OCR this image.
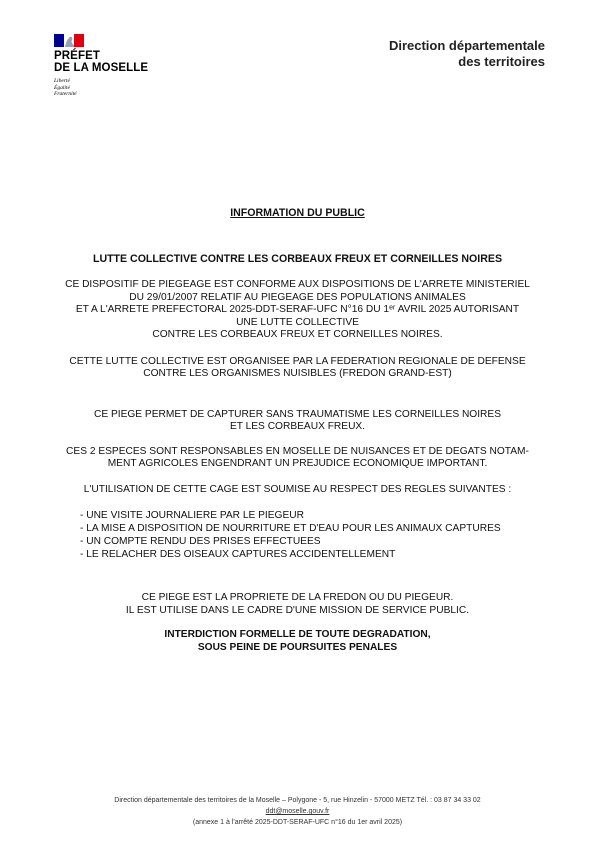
PRÉFET
DE LA MOSELLE
Liberté
Égalité
Fraternité
Direction départementale
des territoires
INFORMATION DU PUBLIC
LUTTE COLLECTIVE CONTRE LES CORBEAUX FREUX ET CORNEILLES NOIRES
CE DISPOSITIF DE PIEGEAGE EST CONFORME AUX DISPOSITIONS DE L'ARRETE MINISTERIEL
DU 29/01/2007 RELATIF AU PIEGEAGE DES POPULATIONS ANIMALES
ET A L'ARRETE PREFECTORAL 2025-DDT-SERAF-UFC N°16 DU 1ᵉʳ AVRIL 2025 AUTORISANT
UNE LUTTE COLLECTIVE
CONTRE LES CORBEAUX FREUX ET CORNEILLES NOIRES.
CETTE LUTTE COLLECTIVE EST ORGANISEE PAR LA FEDERATION REGIONALE DE DEFENSE
CONTRE LES ORGANISMES NUISIBLES (FREDON GRAND-EST)
CE PIEGE PERMET DE CAPTURER SANS TRAUMATISME LES CORNEILLES NOIRES
ET LES CORBEAUX FREUX.
CES 2 ESPECES SONT RESPONSABLES EN MOSELLE DE NUISANCES ET DE DEGATS NOTAM-
MENT AGRICOLES ENGENDRANT UN PREJUDICE ECONOMIQUE IMPORTANT.
L'UTILISATION DE CETTE CAGE EST SOUMISE AU RESPECT DES REGLES SUIVANTES :
- UNE VISITE JOURNALIERE PAR LE PIEGEUR
- LA MISE A DISPOSITION DE NOURRITURE ET D'EAU POUR LES ANIMAUX CAPTURES
- UN COMPTE RENDU DES PRISES EFFECTUEES
- LE RELACHER DES OISEAUX CAPTURES ACCIDENTELLEMENT
CE PIEGE EST LA PROPRIETE DE LA FREDON OU DU PIEGEUR.
IL EST UTILISE DANS LE CADRE D'UNE MISSION DE SERVICE PUBLIC.
INTERDICTION FORMELLE DE TOUTE DEGRADATION,
SOUS PEINE DE POURSUITES PENALES
Direction départementale des territoires de la Moselle – Polygone - 5, rue Hinzelin - 57000 METZ Tél. : 03 87 34 33 02
ddt@moselle.gouv.fr
(annexe 1 à l'arrêté 2025-DDT-SERAF-UFC n°16 du 1er avril 2025)
